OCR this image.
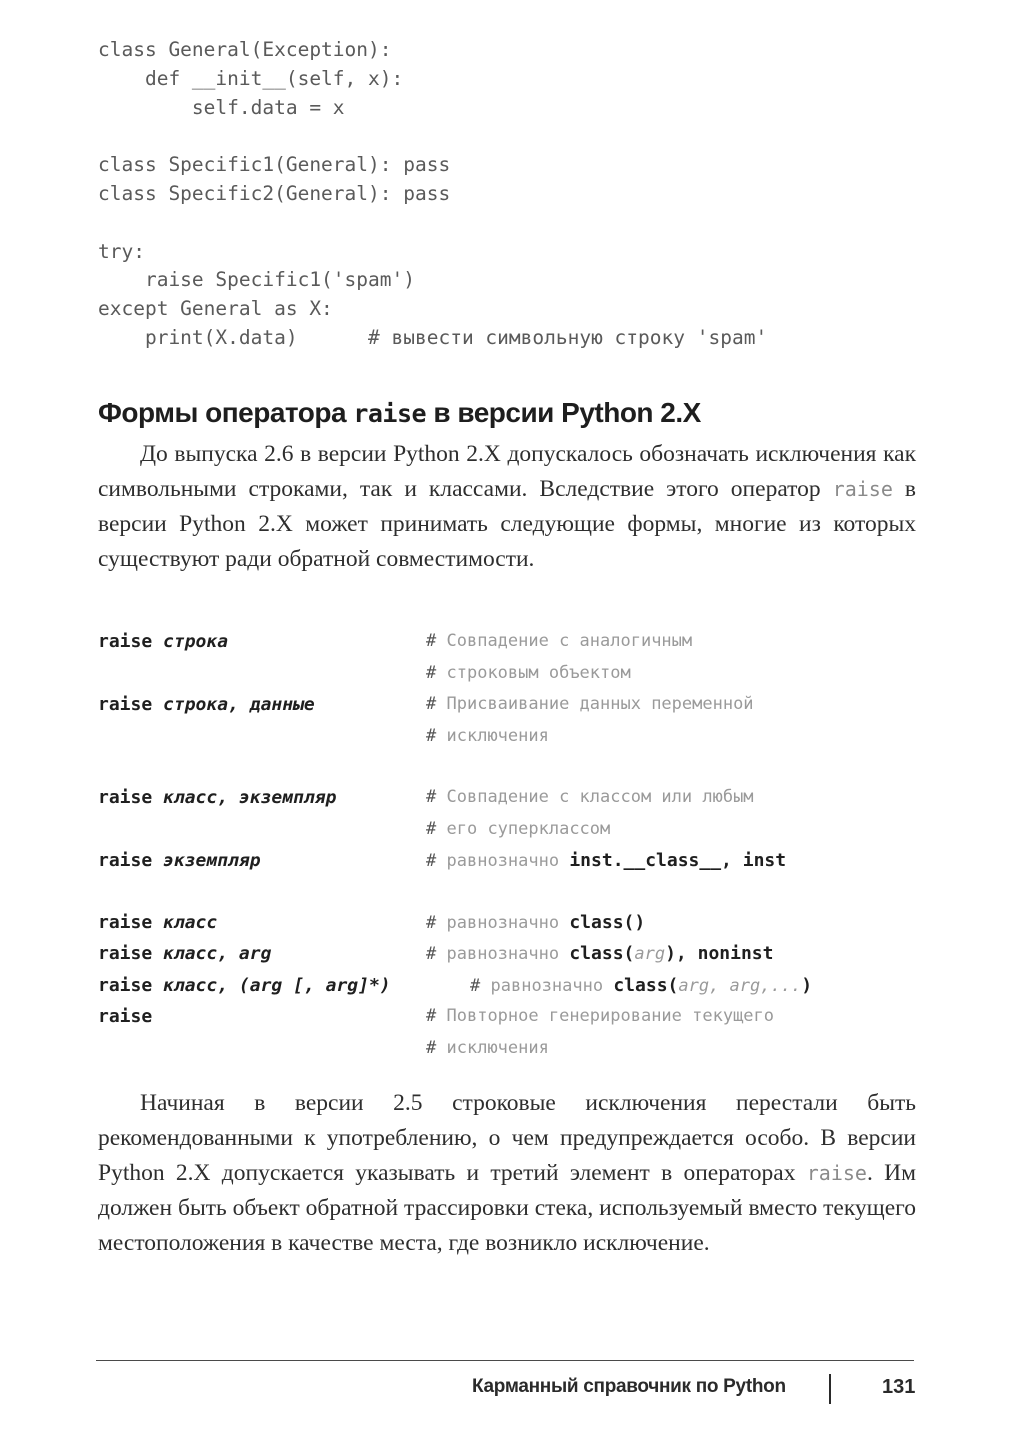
class General(Exception):
def __init__(self, x):
self.data = x
class Specific1(General): pass
class Specific2(General): pass
try:
raise Specific1('spam')
except General as X:
print(X.data)      # вывести символьную строку 'spam'
Формы оператора raise в версии Python 2.X

До выпуска 2.6 в версии Python 2.X допускалось обозначать исключения как символьными строками, так и классами. Вследствие этого оператор raise в версии Python 2.X может принимать следующие формы, многие из которых существуют ради обратной совместимости.

raise строка	# Совпадение с аналогичным
# строковым объектом
raise строка, данные	# Присваивание данных переменной
# исключения
raise класс, экземпляр	# Совпадение с классом или любым
# его суперклассом
raise экземпляр	# равнозначно inst.__class__, inst
raise класс	# равнозначно class()
raise класс, arg	# равнозначно class(arg), noninst
raise класс, (arg [, arg]*)	# равнозначно class(arg, arg,...)
raise	# Повторное генерирование текущего
# исключения

Начиная в версии 2.5 строковые исключения перестали быть рекомендованными к употреблению, о чем предупреждается особо. В версии Python 2.X допускается указывать и третий элемент в операторах raise. Им должен быть объект обратной трассировки стека, используемый вместо текущего местоположения в качестве места, где возникло исключение.

Карманный справочник по Python	131
